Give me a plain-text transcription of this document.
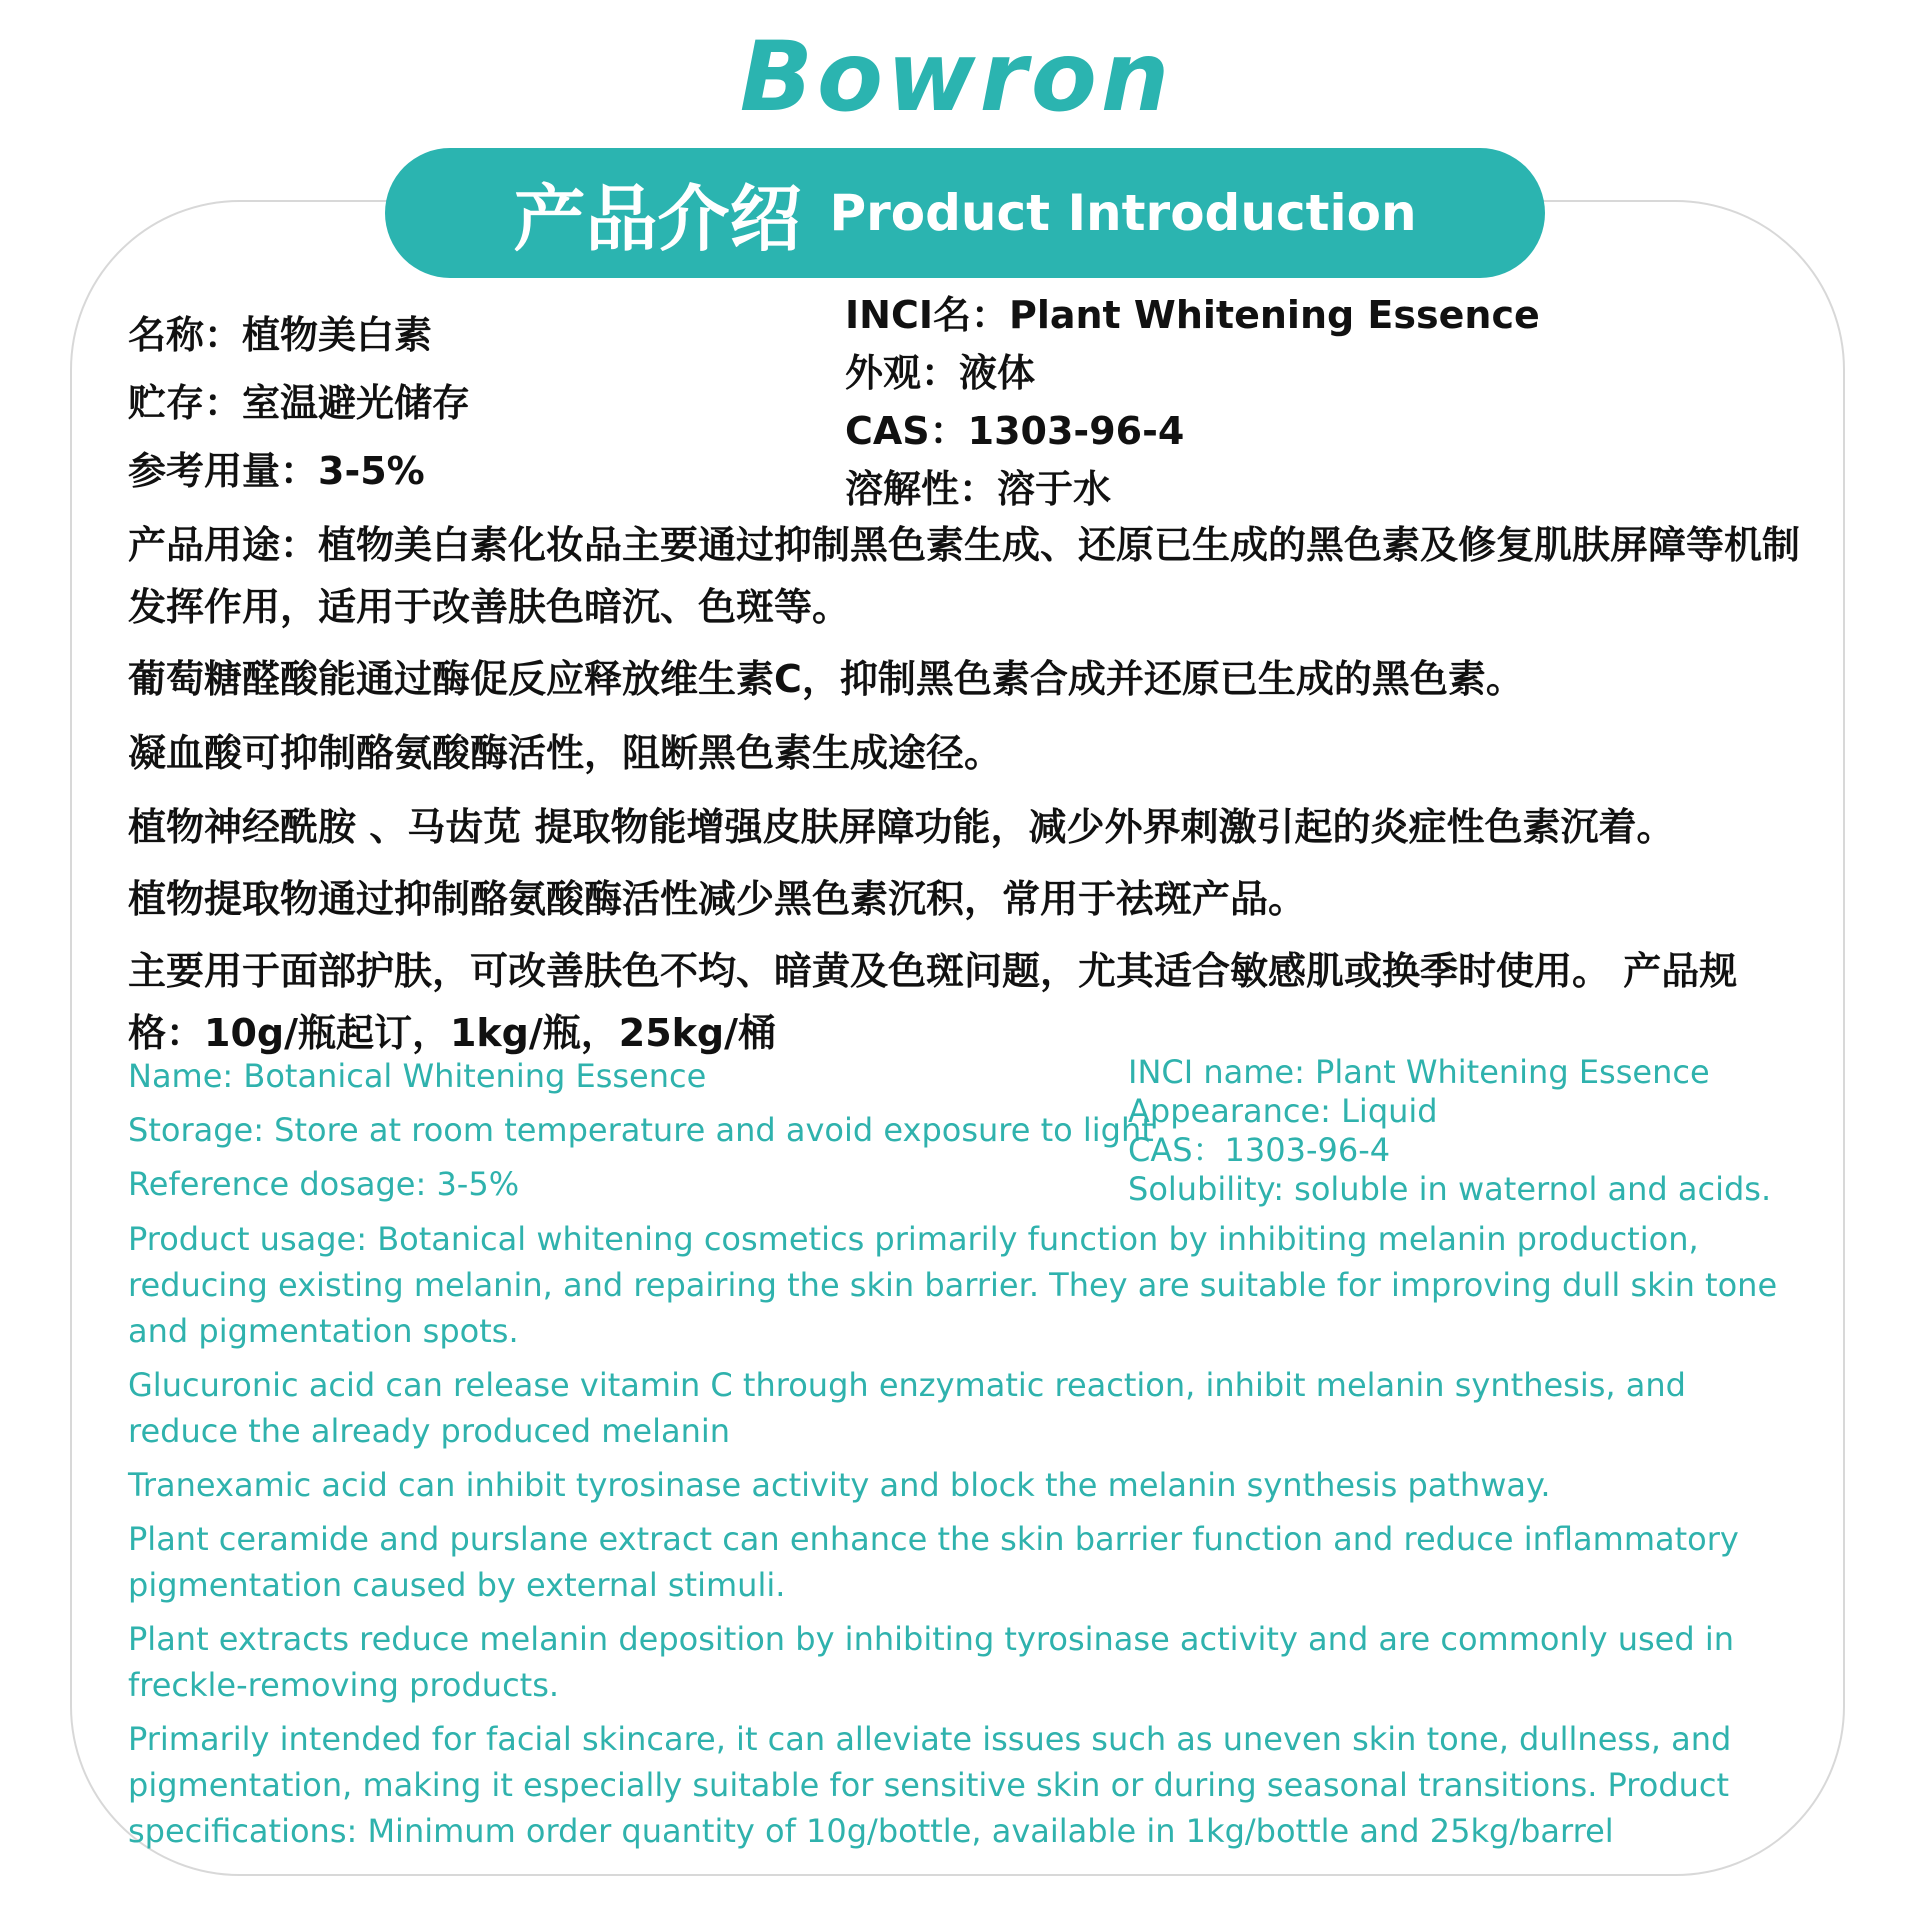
Bowron
产品介绍 Product Introduction
名称：植物美白素
贮存：室温避光储存
参考用量：3-5%
INCI名：Plant Whitening Essence
外观：液体
CAS：1303-96-4
溶解性：溶于水
产品用途：植物美白素化妆品主要通过抑制黑色素生成、还原已生成的黑色素及修复肌肤屏障等机制发挥作用，适用于改善肤色暗沉、色斑等。
葡萄糖醛酸能通过酶促反应释放维生素C，抑制黑色素合成并还原已生成的黑色素。
凝血酸可抑制酪氨酸酶活性，阻断黑色素生成途径。
植物神经酰胺 、马齿苋 提取物能增强皮肤屏障功能，减少外界刺激引起的炎症性色素沉着。
植物提取物通过抑制酪氨酸酶活性减少黑色素沉积，常用于祛斑产品。
主要用于面部护肤，可改善肤色不均、暗黄及色斑问题，尤其适合敏感肌或换季时使用。 产品规格：10g/瓶起订，1kg/瓶，25kg/桶
Name: Botanical Whitening Essence
Storage: Store at room temperature and avoid exposure to light
Reference dosage: 3-5%
INCI name: Plant Whitening Essence
Appearance: Liquid
CAS：1303-96-4
Solubility: soluble in waternol and acids.
Product usage: Botanical whitening cosmetics primarily function by inhibiting melanin production, reducing existing melanin, and repairing the skin barrier. They are suitable for improving dull skin tone and pigmentation spots.
Glucuronic acid can release vitamin C through enzymatic reaction, inhibit melanin synthesis, and reduce the already produced melanin
Tranexamic acid can inhibit tyrosinase activity and block the melanin synthesis pathway.
Plant ceramide and purslane extract can enhance the skin barrier function and reduce inflammatory pigmentation caused by external stimuli.
Plant extracts reduce melanin deposition by inhibiting tyrosinase activity and are commonly used in freckle-removing products.
Primarily intended for facial skincare, it can alleviate issues such as uneven skin tone, dullness, and pigmentation, making it especially suitable for sensitive skin or during seasonal transitions. Product specifications: Minimum order quantity of 10g/bottle, available in 1kg/bottle and 25kg/barrel
